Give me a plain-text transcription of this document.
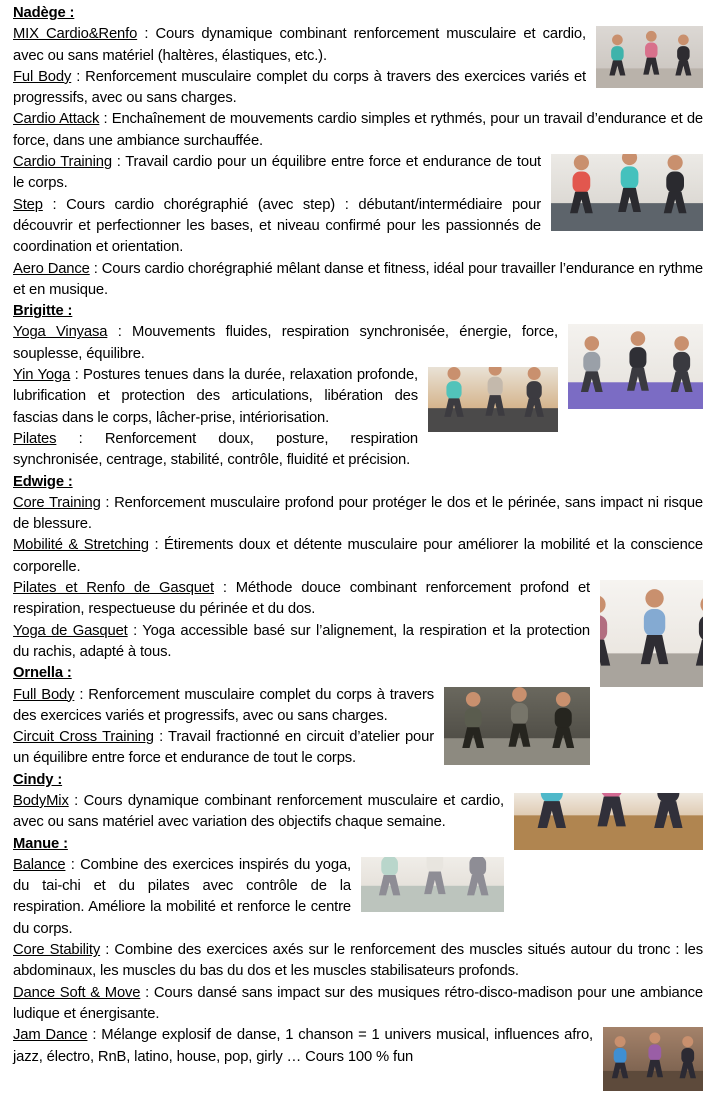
Nadège :

MIX Cardio&Renfo : Cours dynamique combinant renforcement musculaire et cardio, avec ou sans matériel (haltères, élastiques, etc.).

Ful Body : Renforcement musculaire complet du corps à travers des exercices variés et progressifs, avec ou sans charges.

Cardio Attack : Enchaînement de mouvements cardio simples et rythmés, pour un travail d’endurance et de force, dans une ambiance surchauffée.

Cardio Training : Travail cardio pour un équilibre entre force et endurance de tout le corps.

Step : Cours cardio chorégraphié (avec step) : débutant/intermédiaire pour découvrir et perfectionner les bases, et niveau confirmé pour les passionnés de coordination et orientation.

Aero Dance : Cours cardio chorégraphié mêlant danse et fitness, idéal pour travailler l’endurance en rythme et en musique.

Brigitte :

Yoga Vinyasa : Mouvements fluides, respiration synchronisée, énergie, force, souplesse, équilibre.

Yin Yoga : Postures tenues dans la durée, relaxation profonde, lubrification et protection des articulations, libération des fascias dans le corps, lâcher-prise, intériorisation.

Pilates : Renforcement doux, posture, respiration synchronisée, centrage, stabilité, contrôle, fluidité et précision.

Edwige :

Core Training : Renforcement musculaire profond pour protéger le dos et le périnée, sans impact ni risque de blessure.

Mobilité & Stretching : Étirements doux et détente musculaire pour améliorer la mobilité et la conscience corporelle.

Pilates et Renfo de Gasquet : Méthode douce combinant renforcement profond et respiration, respectueuse du périnée et du dos.

Yoga de Gasquet : Yoga accessible basé sur l’alignement, la respiration et la protection du rachis, adapté à tous.

Ornella :

Full Body : Renforcement musculaire complet du corps à travers des exercices variés et progressifs, avec ou sans charges.

Circuit Cross Training : Travail fractionné en circuit d’atelier pour un équilibre entre force et endurance de tout le corps.

Cindy :

BodyMix : Cours dynamique combinant renforcement musculaire et cardio, avec ou sans matériel avec variation des objectifs chaque semaine.

Manue :

Balance : Combine des exercices inspirés du yoga, du tai-chi et du pilates avec contrôle de la respiration. Améliore la mobilité et renforce le centre du corps.

Core Stability : Combine des exercices axés sur le renforcement des muscles situés autour du tronc : les abdominaux, les muscles du bas du dos et les muscles stabilisateurs profonds.

Dance Soft & Move : Cours dansé sans impact sur des musiques rétro-disco-madison pour une ambiance ludique et énergisante.

Jam Dance : Mélange explosif de danse, 1 chanson = 1 univers musical, influences afro, jazz, électro, RnB, latino, house, pop, girly … Cours 100 % fun
